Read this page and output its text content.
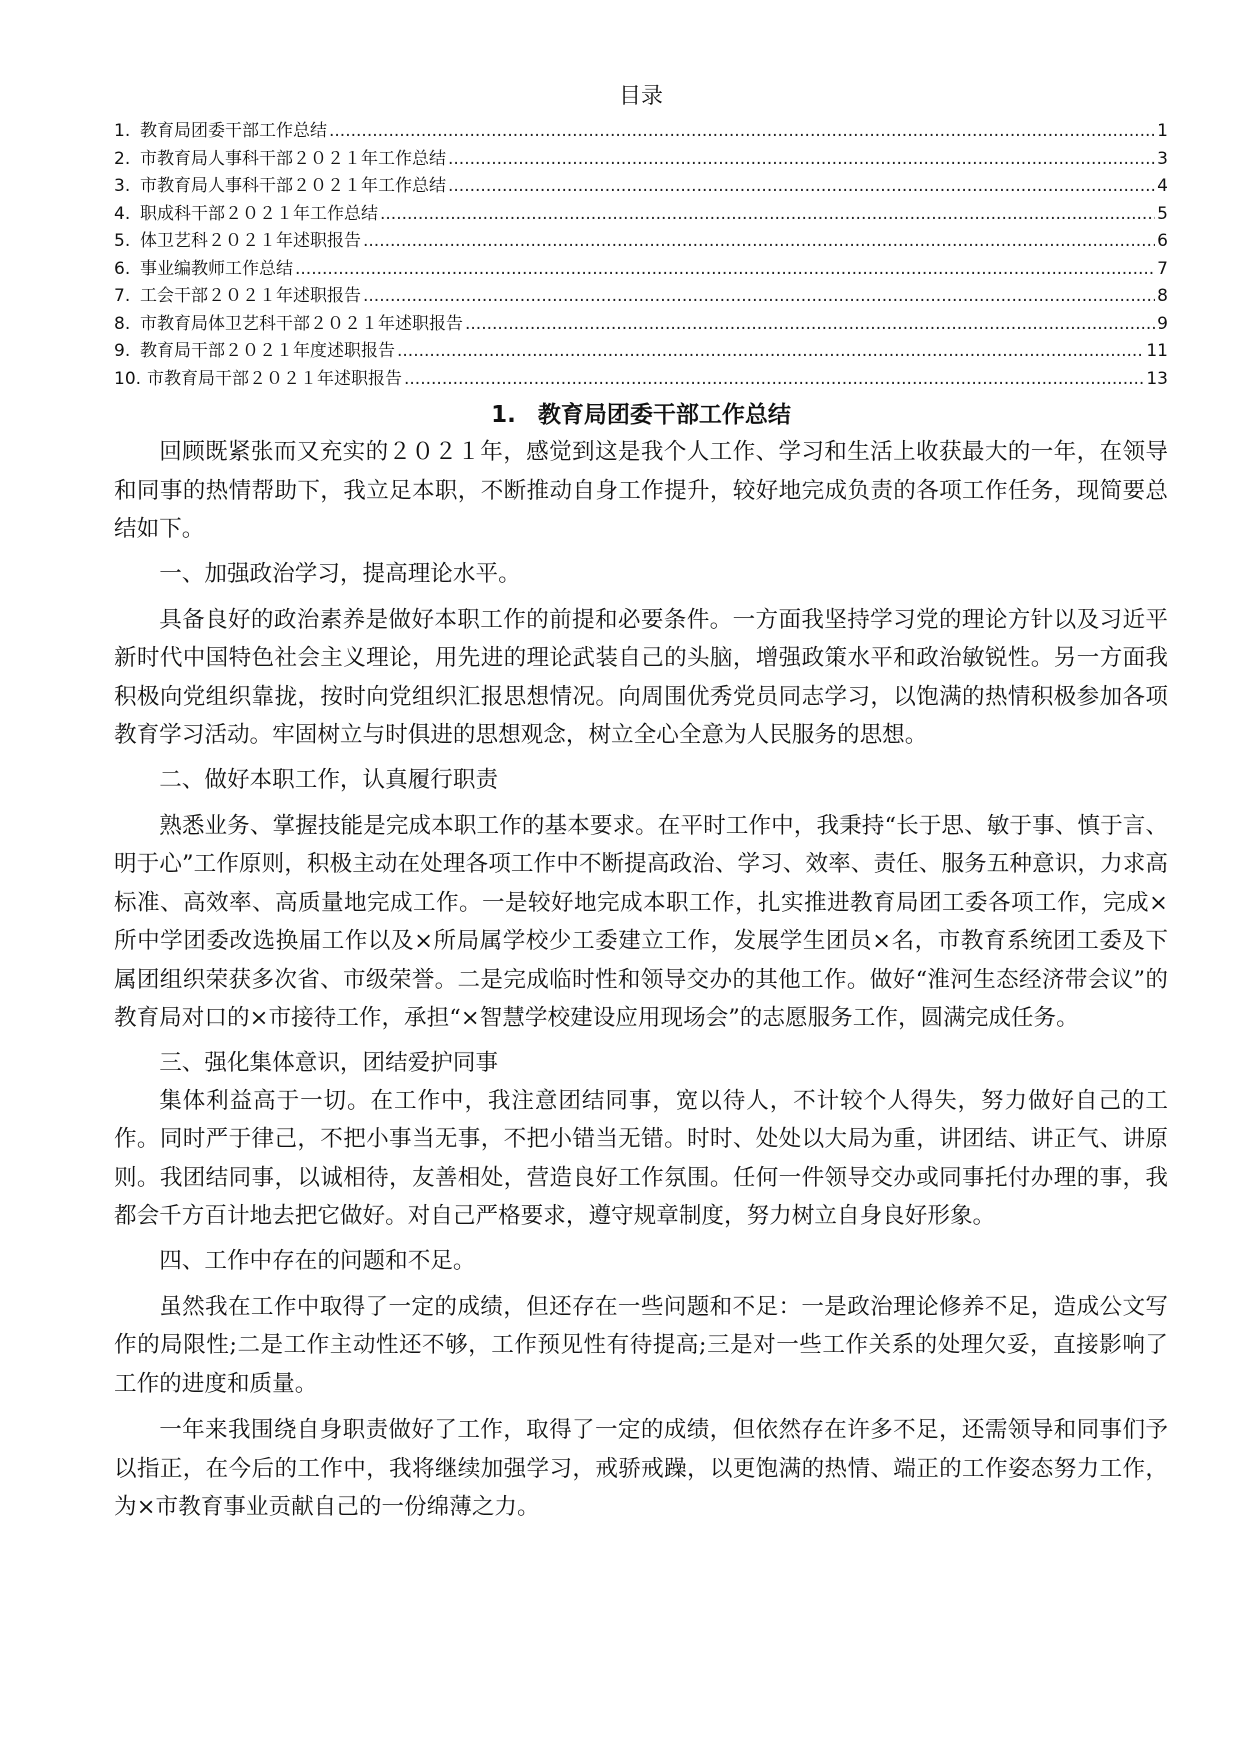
目录
1. 教育局团委干部工作总结 .....	1
2. 市教育局人事科干部２０２１年工作总结 .....	3
3. 市教育局人事科干部２０２１年工作总结 .....	4
4. 职成科干部２０２１年工作总结 .....	5
5. 体卫艺科２０２１年述职报告 .....	6
6. 事业编教师工作总结 .....	7
7. 工会干部２０２１年述职报告 .....	8
8. 市教育局体卫艺科干部２０２１年述职报告 .....	9
9. 教育局干部２０２１年度述职报告 .....	11
10. 市教育局干部２０２１年述职报告 .....	13
1. 教育局团委干部工作总结

回顾既紧张而又充实的２０２１年，感觉到这是我个人工作、学习和生活上收获最大的一年，在领导和同事的热情帮助下，我立足本职，不断推动自身工作提升，较好地完成负责的各项工作任务，现简要总结如下。

一、加强政治学习，提高理论水平。

具备良好的政治素养是做好本职工作的前提和必要条件。一方面我坚持学习党的理论方针以及习近平新时代中国特色社会主义理论，用先进的理论武装自己的头脑，增强政策水平和政治敏锐性。另一方面我积极向党组织靠拢，按时向党组织汇报思想情况。向周围优秀党员同志学习，以饱满的热情积极参加各项教育学习活动。牢固树立与时俱进的思想观念，树立全心全意为人民服务的思想。

二、做好本职工作，认真履行职责

熟悉业务、掌握技能是完成本职工作的基本要求。在平时工作中，我秉持“长于思、敏于事、慎于言、明于心”工作原则，积极主动在处理各项工作中不断提高政治、学习、效率、责任、服务五种意识，力求高标准、高效率、高质量地完成工作。一是较好地完成本职工作，扎实推进教育局团工委各项工作，完成×所中学团委改选换届工作以及×所局属学校少工委建立工作，发展学生团员×名，市教育系统团工委及下属团组织荣获多次省、市级荣誉。二是完成临时性和领导交办的其他工作。做好“淮河生态经济带会议”的教育局对口的×市接待工作，承担“×智慧学校建设应用现场会”的志愿服务工作，圆满完成任务。

三、强化集体意识，团结爱护同事

集体利益高于一切。在工作中，我注意团结同事，宽以待人，不计较个人得失，努力做好自己的工作。同时严于律己，不把小事当无事，不把小错当无错。时时、处处以大局为重，讲团结、讲正气、讲原则。我团结同事，以诚相待，友善相处，营造良好工作氛围。任何一件领导交办或同事托付办理的事，我都会千方百计地去把它做好。对自己严格要求，遵守规章制度，努力树立自身良好形象。

四、工作中存在的问题和不足。

虽然我在工作中取得了一定的成绩，但还存在一些问题和不足：一是政治理论修养不足，造成公文写作的局限性;二是工作主动性还不够，工作预见性有待提高;三是对一些工作关系的处理欠妥，直接影响了工作的进度和质量。

一年来我围绕自身职责做好了工作，取得了一定的成绩，但依然存在许多不足，还需领导和同事们予以指正，在今后的工作中，我将继续加强学习，戒骄戒躁，以更饱满的热情、端正的工作姿态努力工作，为×市教育事业贡献自己的一份绵薄之力。
